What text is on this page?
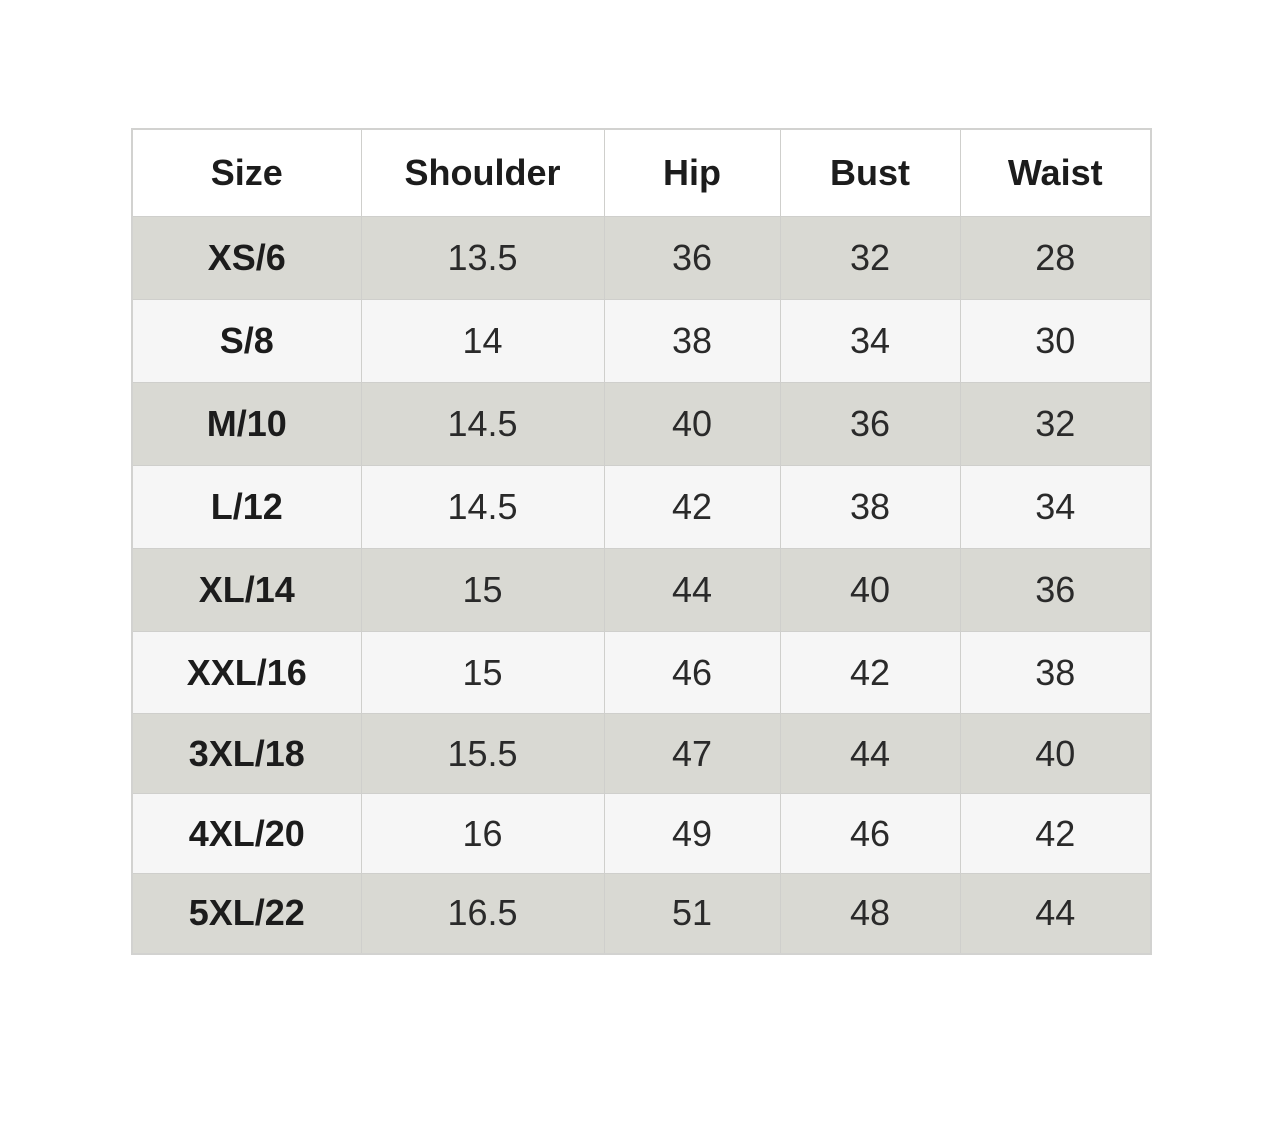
Size	Shoulder	Hip	Bust	Waist
XS/6	13.5	36	32	28
S/8	14	38	34	30
M/10	14.5	40	36	32
L/12	14.5	42	38	34
XL/14	15	44	40	36
XXL/16	15	46	42	38
3XL/18	15.5	47	44	40
4XL/20	16	49	46	42
5XL/22	16.5	51	48	44
